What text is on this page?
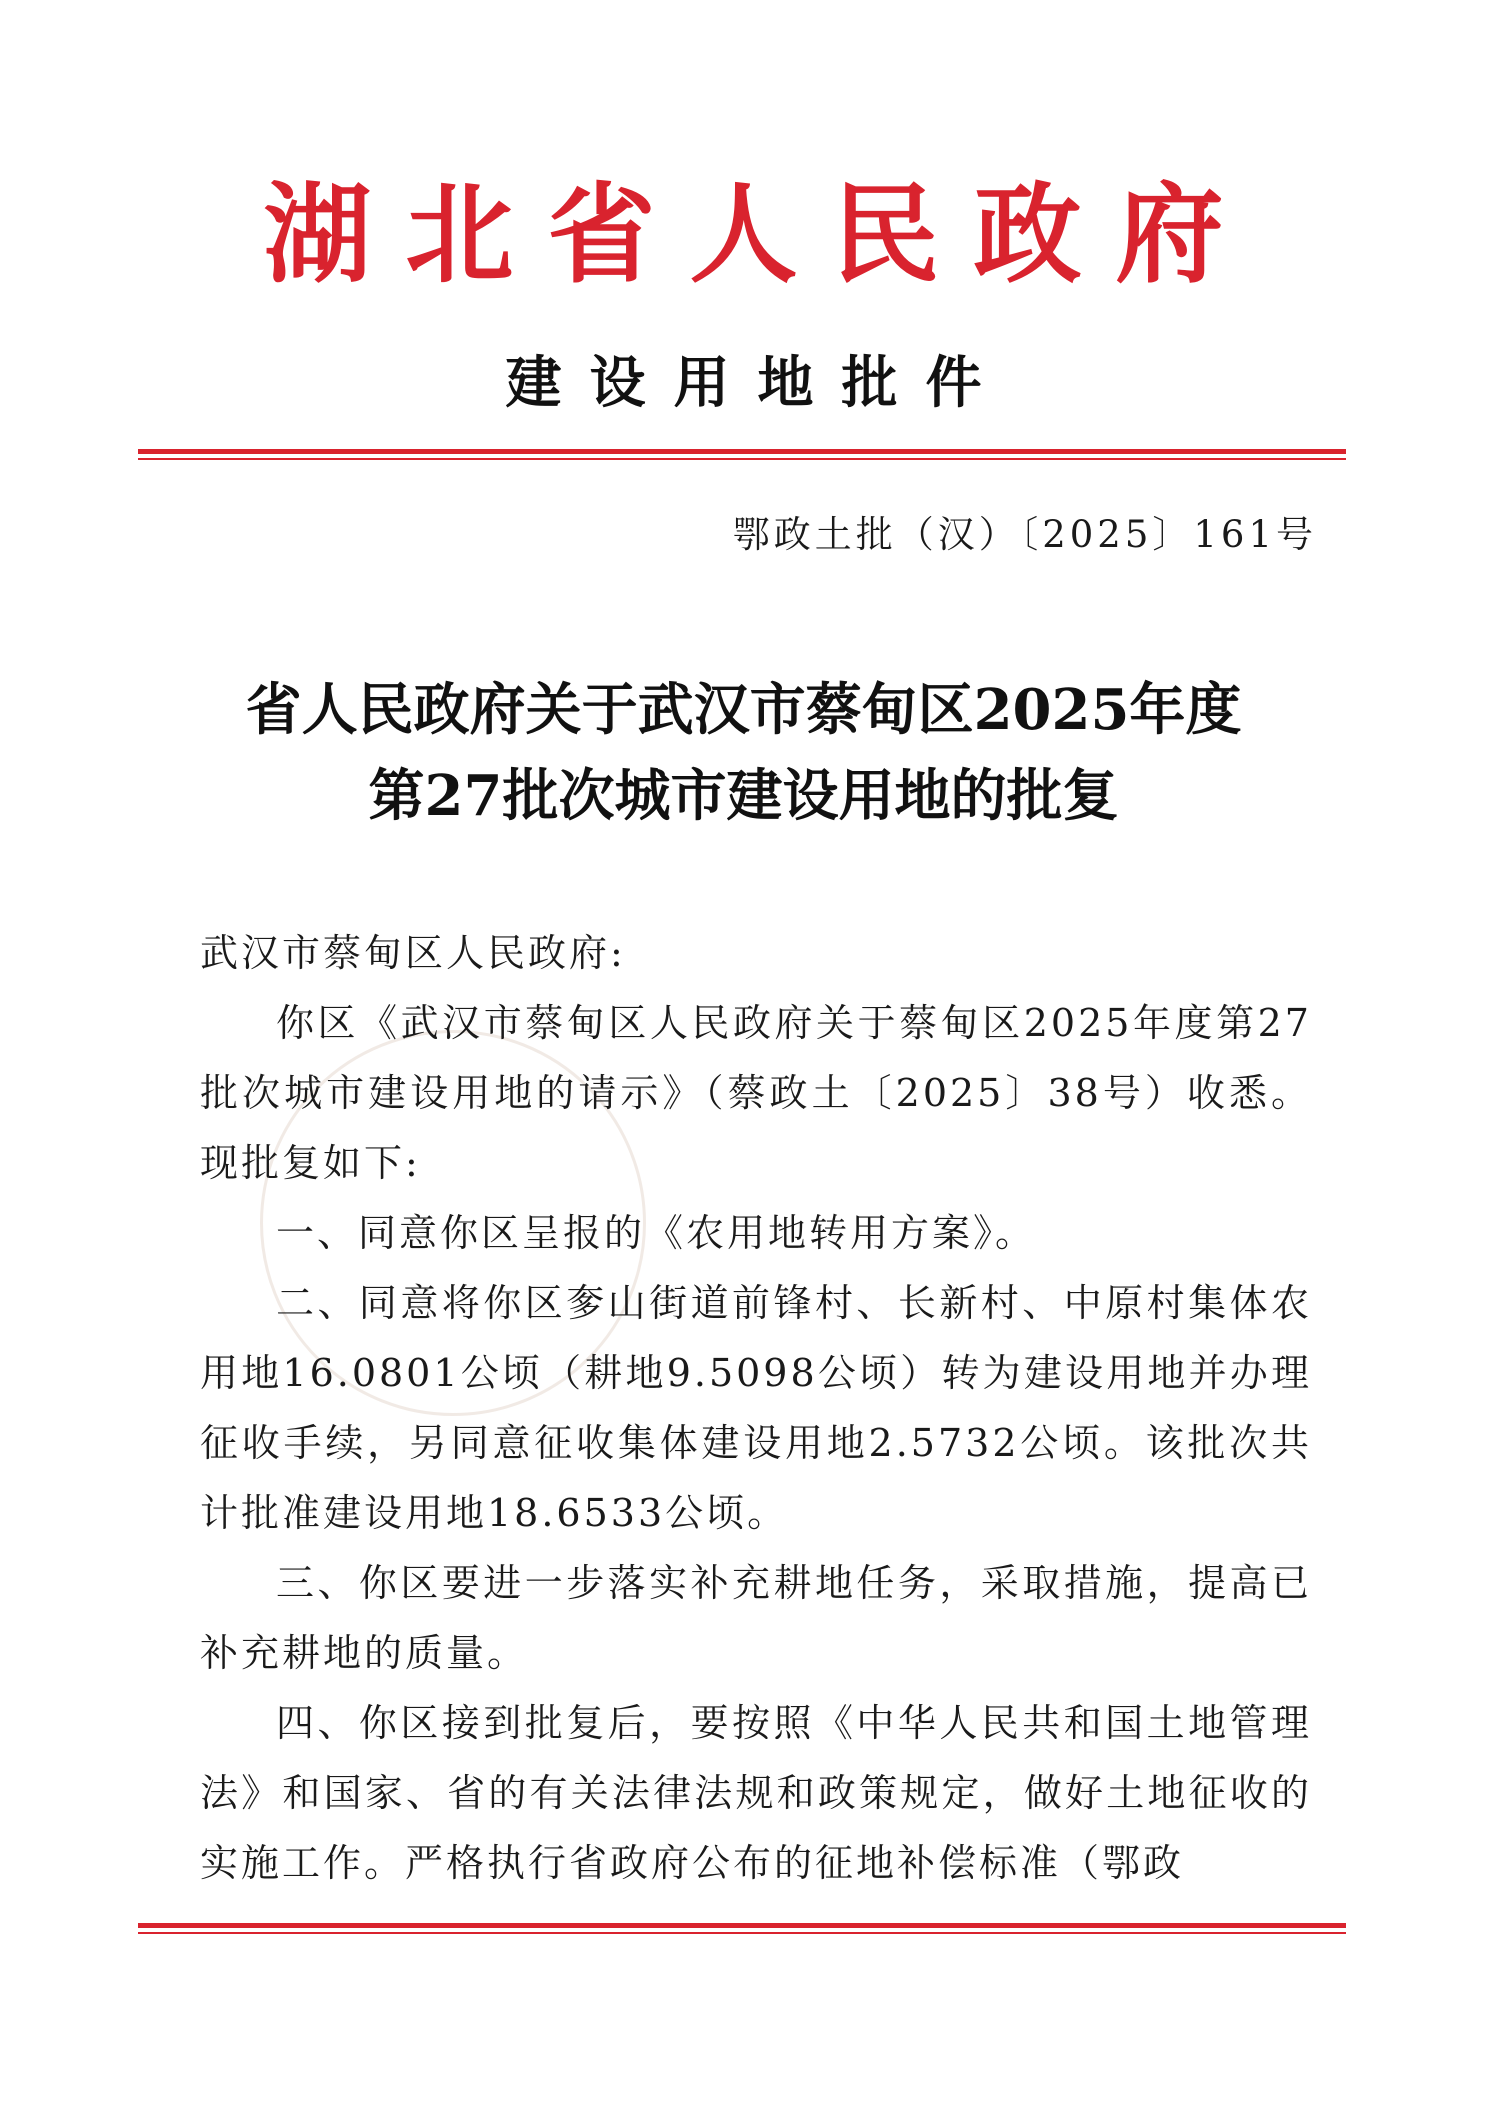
湖北省人民政府
建设用地批件
鄂政土批（汉）〔2025〕161号
省人民政府关于武汉市蔡甸区2025年度
第27批次城市建设用地的批复
武汉市蔡甸区人民政府:

你区《武汉市蔡甸区人民政府关于蔡甸区2025年度第27批次城市建设用地的请示》（蔡政土〔2025〕38号）收悉。现批复如下:

一、同意你区呈报的《农用地转用方案》。

二、同意将你区奓山街道前锋村、长新村、中原村集体农用地16.0801公顷（耕地9.5098公顷）转为建设用地并办理征收手续，另同意征收集体建设用地2.5732公顷。该批次共计批准建设用地18.6533公顷。

三、你区要进一步落实补充耕地任务，采取措施，提高已补充耕地的质量。

四、你区接到批复后，要按照《中华人民共和国土地管理法》和国家、省的有关法律法规和政策规定，做好土地征收的实施工作。严格执行省政府公布的征地补偿标准（鄂政
